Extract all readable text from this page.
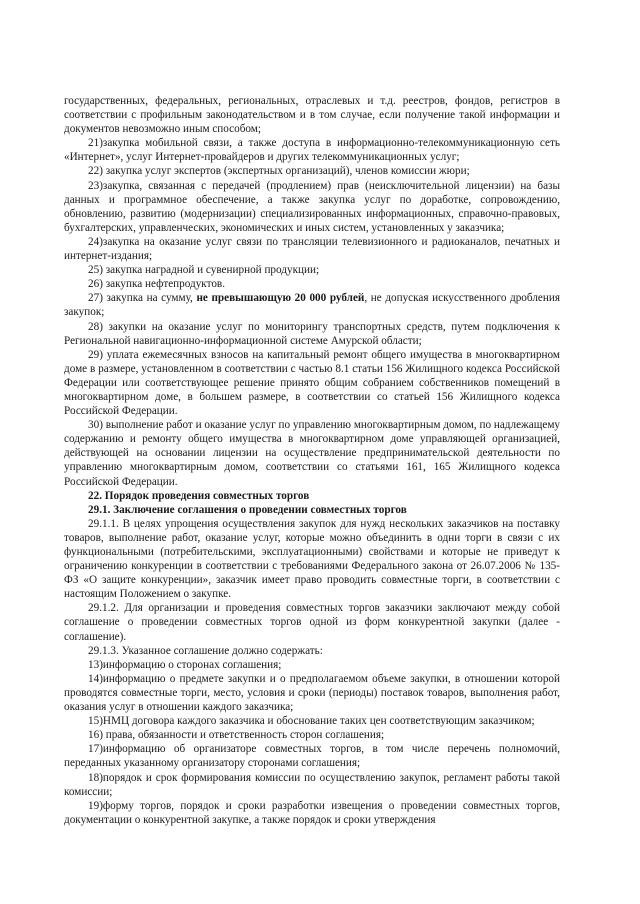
государственных, федеральных, региональных, отраслевых и т.д. реестров, фондов, регистров в соответствии с профильным законодательством и в том случае, если получение такой информации и документов невозможно иным способом;

21)закупка мобильной связи, а также доступа в информационно-телекоммуникационную сеть «Интернет», услуг Интернет-провайдеров и других телекоммуникационных услуг;

22) закупка услуг экспертов (экспертных организаций), членов комиссии жюри;

23)закупка, связанная с передачей (продлением) прав (неисключительной лицензии) на базы данных и программное обеспечение, а также закупка услуг по доработке, сопровождению, обновлению, развитию (модернизации) специализированных информационных, справочно-правовых, бухгалтерских, управленческих, экономических и иных систем, установленных у заказчика;

24)закупка на оказание услуг связи по трансляции телевизионного и радиоканалов, печатных и интернет-издания;

25) закупка наградной и сувенирной продукции;

26) закупка нефтепродуктов.

27) закупка на сумму, не превышающую 20 000 рублей, не допуская искусственного дробления закупок;

28) закупки на оказание услуг по мониторингу транспортных средств, путем подключения к Региональной навигационно-информационной системе Амурской области;

29) уплата ежемесячных взносов на капитальный ремонт общего имущества в многоквартирном доме в размере, установленном в соответствии с частью 8.1 статьи 156 Жилищного кодекса Российской Федерации или соответствующее решение принято общим собранием собственников помещений в многоквартирном доме, в большем размере, в соответствии со статьей 156 Жилищного кодекса Российской Федерации.

30) выполнение работ и оказание услуг по управлению многоквартирным домом, по надлежащему содержанию и ремонту общего имущества в многоквартирном доме управляющей организацией, действующей на основании лицензии на осуществление предпринимательской деятельности по управлению многоквартирным домом, соответствии со статьями 161, 165 Жилищного кодекса Российской Федерации.

22. Порядок проведения совместных торгов

29.1. Заключение соглашения о проведении совместных торгов

29.1.1. В целях упрощения осуществления закупок для нужд нескольких заказчиков на поставку товаров, выполнение работ, оказание услуг, которые можно объединить в одни торги в связи с их функциональными (потребительскими, эксплуатационными) свойствами и которые не приведут к ограничению конкуренции в соответствии с требованиями Федерального закона от 26.07.2006 № 135-ФЗ «О защите конкуренции», заказчик имеет право проводить совместные торги, в соответствии с настоящим Положением о закупке.

29.1.2. Для организации и проведения совместных торгов заказчики заключают между собой соглашение о проведении совместных торгов одной из форм конкурентной закупки (далее - соглашение).

29.1.3. Указанное соглашение должно содержать:

13)информацию о сторонах соглашения;

14)информацию о предмете закупки и о предполагаемом объеме закупки, в отношении которой проводятся совместные торги, место, условия и сроки (периоды) поставок товаров, выполнения работ, оказания услуг в отношении каждого заказчика;

15)НМЦ договора каждого заказчика и обоснование таких цен соответствующим заказчиком;

16) права, обязанности и ответственность сторон соглашения;

17)информацию об организаторе совместных торгов, в том числе перечень полномочий, переданных указанному организатору сторонами соглашения;

18)порядок и срок формирования комиссии по осуществлению закупок, регламент работы такой комиссии;

19)форму торгов, порядок и сроки разработки извещения о проведении совместных торгов, документации о конкурентной закупке, а также порядок и сроки утверждения
